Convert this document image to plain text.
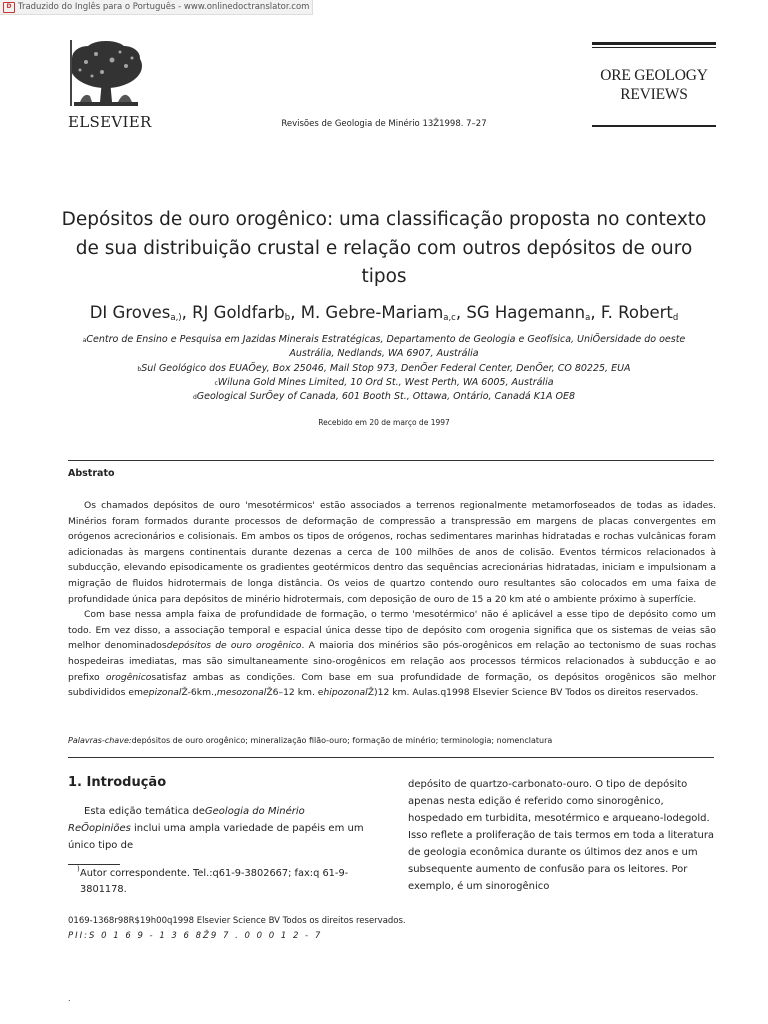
D Traduzido do Inglês para o Português - www.onlinedoctranslator.com
ELSEVIER	Revisões de Geologia de Minério 13Ž1998. 7–27
ORE GEOLOGY
REVIEWS
Depósitos de ouro orogênico: uma classificação proposta no contexto de sua distribuição crustal e relação com outros depósitos de ouro tipos
DI Groves$_{a,)}$, RJ Goldfarb$_b$, M. Gebre-Mariam$_{a,c}$, SG Hagemann$_a$, F. Robert$_d$
aCentro de Ensino e Pesquisa em Jazidas Minerais Estratégicas, Departamento de Geologia e Geofísica, UniÕersidade do oeste
Austrália, Nedlands, WA 6907, Austrália
bSul Geológico dos EUAÕey, Box 25046, Mail Stop 973, DenÕer Federal Center, DenÕer, CO 80225, EUA
cWiluna Gold Mines Limited, 10 Ord St., West Perth, WA 6005, Austrália
dGeological SurÕey of Canada, 601 Booth St., Ottawa, Ontário, Canadá K1A OE8
Recebido em 20 de março de 1997
Abstrato

Os chamados depósitos de ouro 'mesotérmicos' estão associados a terrenos regionalmente metamorfoseados de todas as idades. Minérios foram formados durante processos de deformação de compressão a transpressão em margens de placas convergentes em orógenos acrecionários e colisionais. Em ambos os tipos de orógenos, rochas sedimentares marinhas hidratadas e rochas vulcânicas foram adicionadas às margens continentais durante dezenas a cerca de 100 milhões de anos de colisão. Eventos térmicos relacionados à subducção, elevando episodicamente os gradientes geotérmicos dentro das sequências acrecionárias hidratadas, iniciam e impulsionam a migração de fluidos hidrotermais de longa distância. Os veios de quartzo contendo ouro resultantes são colocados em uma faixa de profundidade única para depósitos de minério hidrotermais, com deposição de ouro de 15 a 20 km até o ambiente próximo à superfície.

Com base nessa ampla faixa de profundidade de formação, o termo 'mesotérmico' não é aplicável a esse tipo de depósito como um todo. Em vez disso, a associação temporal e espacial única desse tipo de depósito com orogenia significa que os sistemas de veias são melhor denominadosdepósitos de ouro orogênico. A maioria dos minérios são pós-orogênicos em relação ao tectonismo de suas rochas hospedeiras imediatas, mas são simultaneamente sino-orogênicos em relação aos processos térmicos relacionados à subducção e ao prefixo orogênicosatisfaz ambas as condições. Com base em sua profundidade de formação, os depósitos orogênicos são melhor subdivididos emepizonalŽ-6km.,mesozonalŽ6–12 km. ehipozonalŽ)12 km. Aulas.q1998 Elsevier Science BV Todos os direitos reservados.

Palavras-chave:depósitos de ouro orogênico; mineralização filão-ouro; formação de minério; terminologia; nomenclatura
1. Introdução

Esta edição temática deGeologia do Minério ReÕopiniões inclui uma ampla variedade de papéis em um único tipo de

) Autor correspondente. Tel.:q61-9-3802667; fax:q 61-9-3801178.

depósito de quartzo-carbonato-ouro. O tipo de depósito apenas nesta edição é referido como sinorogênico, hospedado em turbidita, mesotérmico e arqueano-lodegold. Isso reflete a proliferação de tais termos em toda a literatura de geologia econômica durante os últimos dez anos e um subsequente aumento de confusão para os leitores. Por exemplo, é um sinorogênico

0169-1368r98R$19h00q1998 Elsevier Science BV Todos os direitos reservados.
PII:S 0 1 6 9 - 1 3 6 8Ž9 7 . 0 0 0 1 2 - 7
.
